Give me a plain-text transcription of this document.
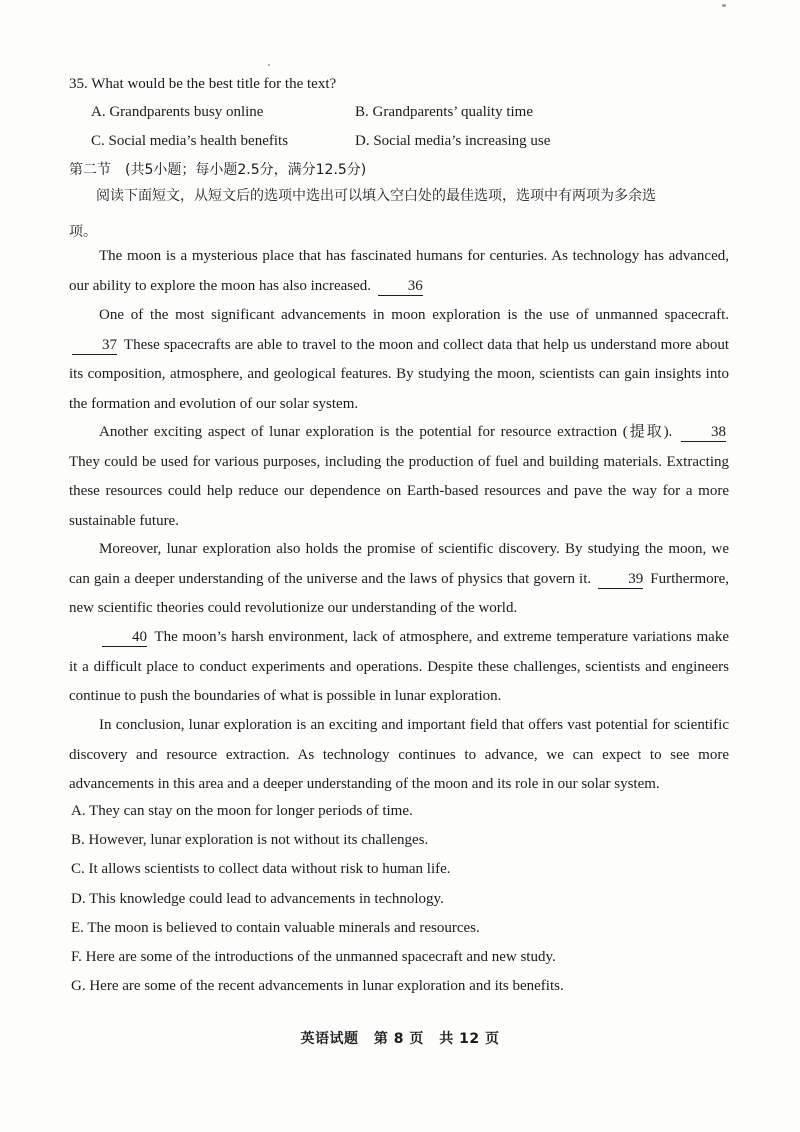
35. What would be the best title for the text?
A. Grandparents busy online	B. Grandparents’ quality time
C. Social media’s health benefits	D. Social media’s increasing use
第二节　(共5小题；每小题2.5分，满分12.5分)
阅读下面短文，从短文后的选项中选出可以填入空白处的最佳选项，选项中有两项为多余选
项。
The moon is a mysterious place that has fascinated humans for centuries. As technology has advanced, our ability to explore the moon has also increased. 36
One of the most significant advancements in moon exploration is the use of unmanned spacecraft. 37 These spacecrafts are able to travel to the moon and collect data that help us understand more about its composition, atmosphere, and geological features. By studying the moon, scientists can gain insights into the formation and evolution of our solar system.
Another exciting aspect of lunar exploration is the potential for resource extraction (提取).	38 They could be used for various purposes, including the production of fuel and building materials. Extracting these resources could help reduce our dependence on Earth-based resources and pave the way for a more sustainable future.
Moreover, lunar exploration also holds the promise of scientific discovery. By studying the moon, we can gain a deeper understanding of the universe and the laws of physics that govern it. 39 Furthermore, new scientific theories could revolutionize our understanding of the world.
40 The moon’s harsh environment, lack of atmosphere, and extreme temperature variations make it a difficult place to conduct experiments and operations. Despite these challenges, scientists and engineers continue to push the boundaries of what is possible in lunar exploration.
In conclusion, lunar exploration is an exciting and important field that offers vast potential for scientific discovery and resource extraction. As technology continues to advance, we can expect to see more advancements in this area and a deeper understanding of the moon and its role in our solar system.
A. They can stay on the moon for longer periods of time.
B. However, lunar exploration is not without its challenges.
C. It allows scientists to collect data without risk to human life.
D. This knowledge could lead to advancements in technology.
E. The moon is believed to contain valuable minerals and resources.
F. Here are some of the introductions of the unmanned spacecraft and new study.
G. Here are some of the recent advancements in lunar exploration and its benefits.
英语试题 第 8 页 共 12 页
